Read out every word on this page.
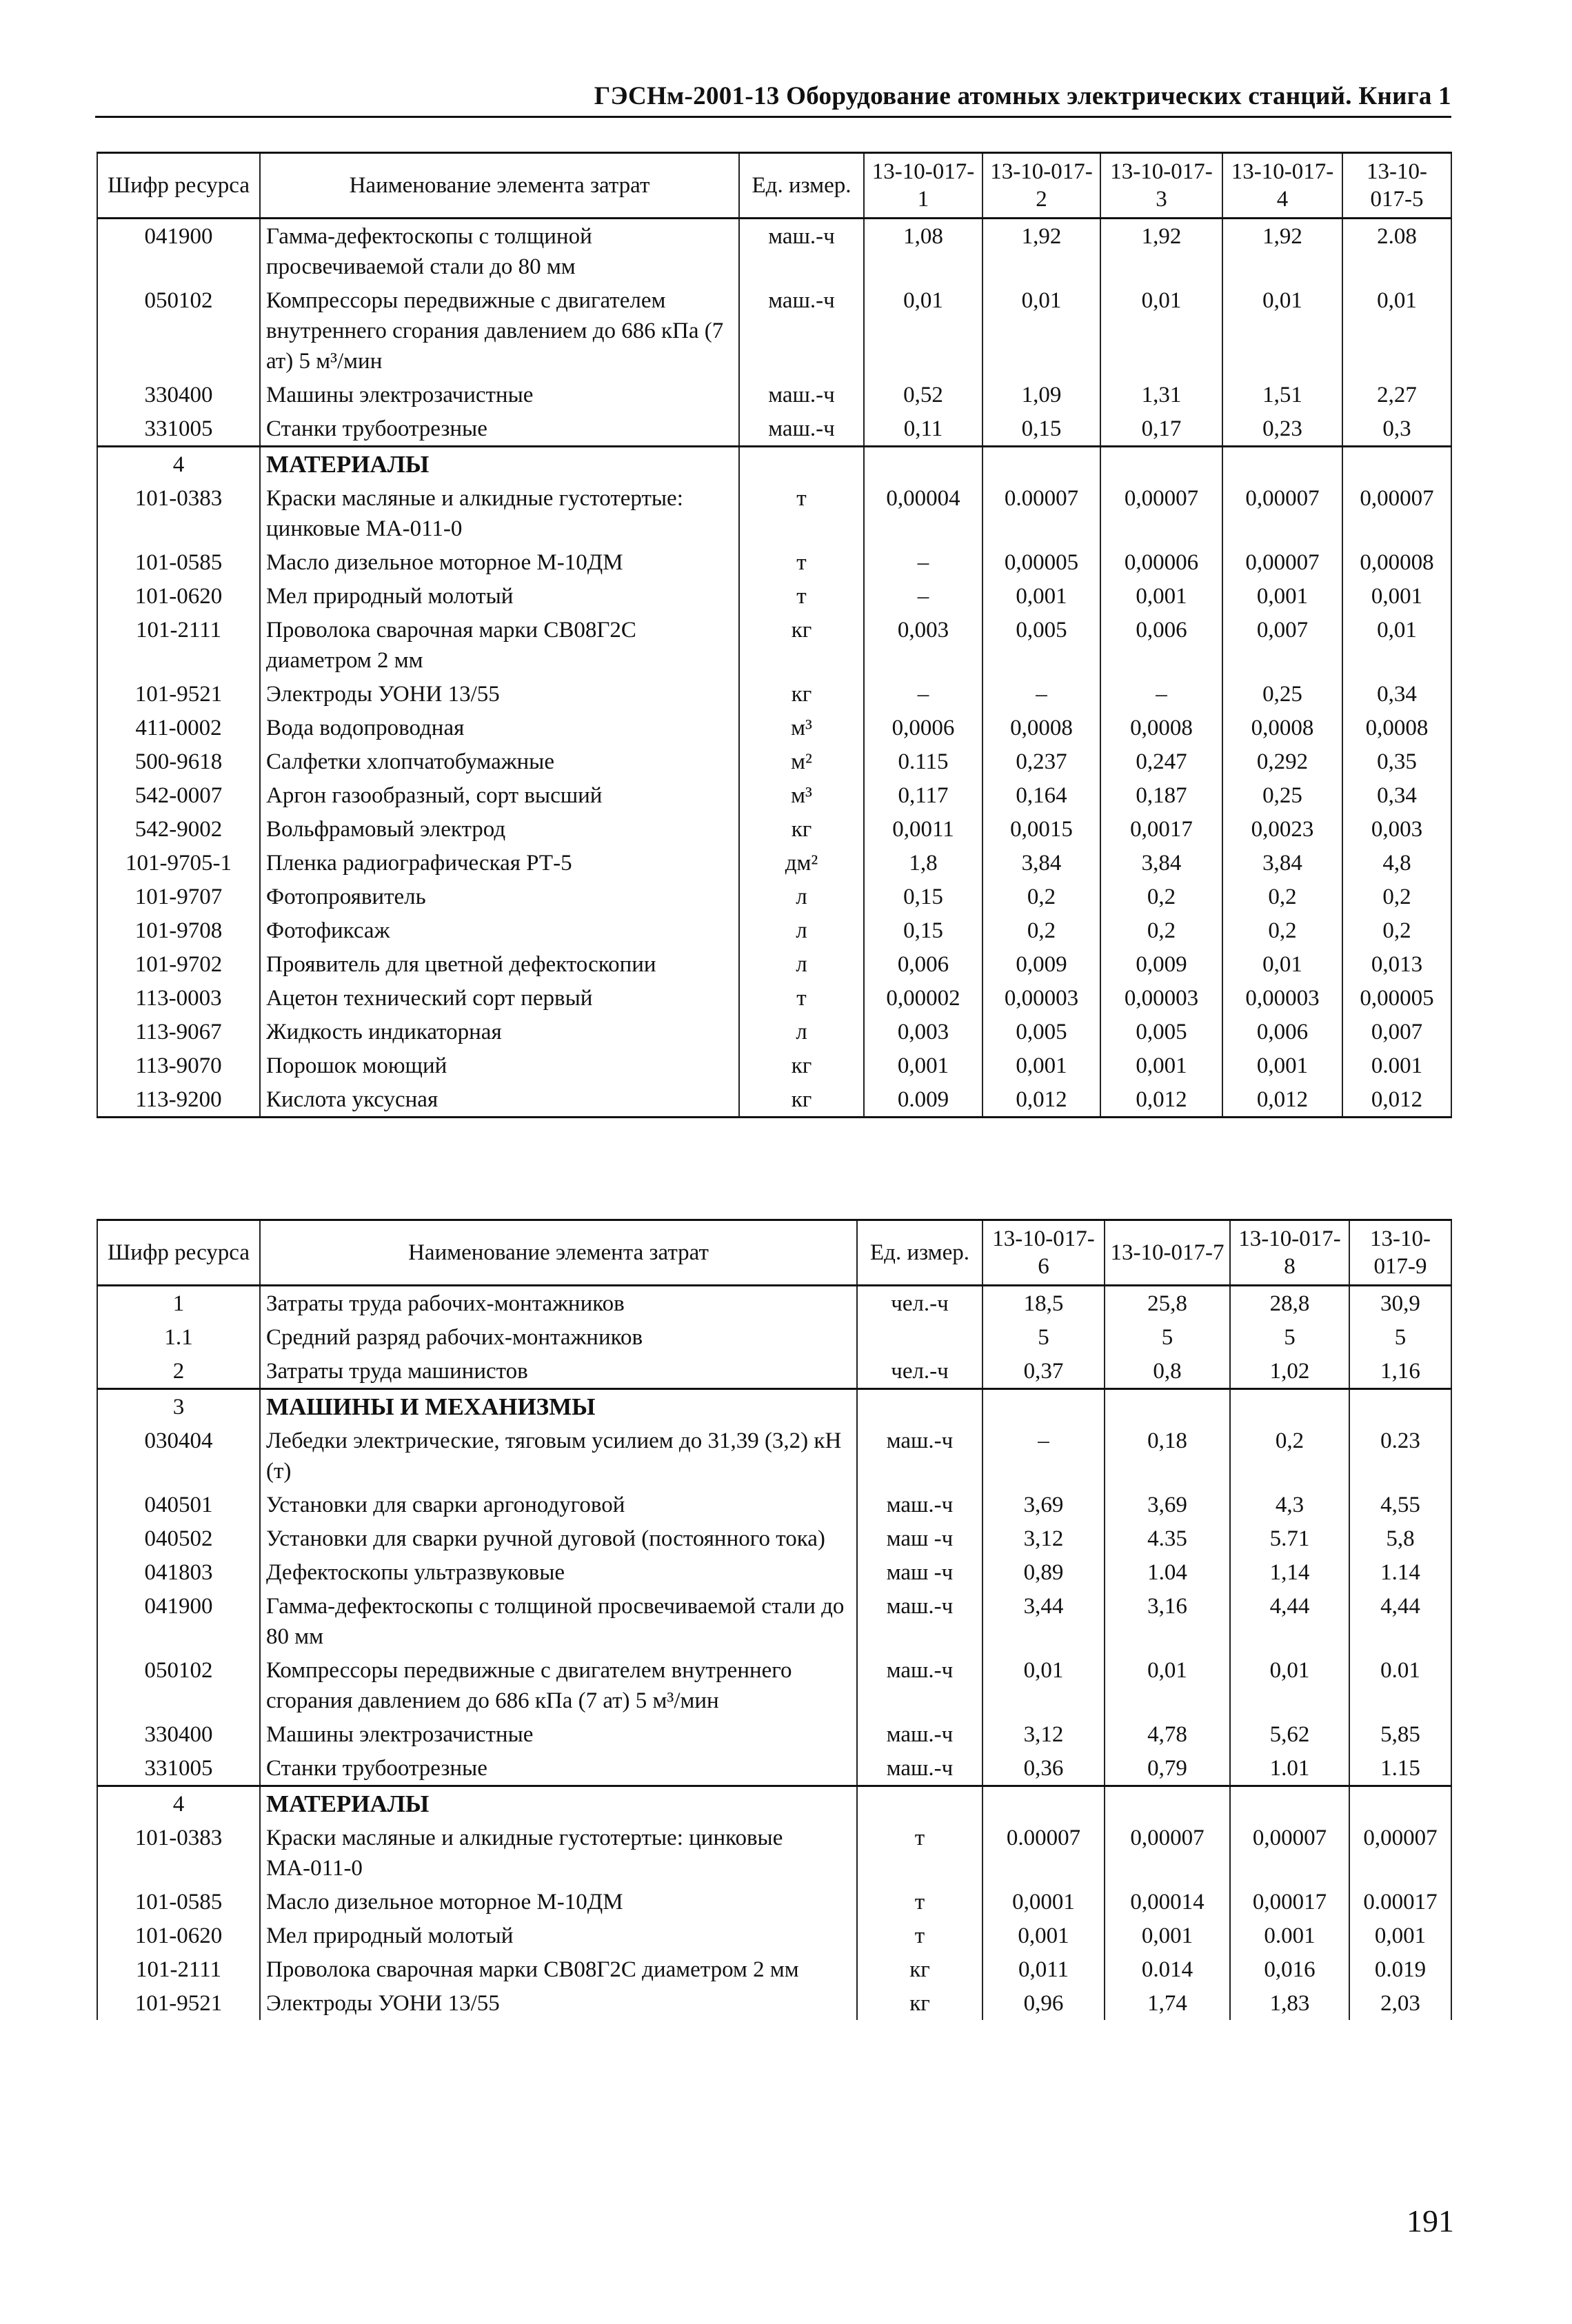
ГЭСНм-2001-13 Оборудование атомных электрических станций. Книга 1
Шифр ресурса	Наименование элемента затрат	Ед. измер.	13-10-017-1	13-10-017-2	13-10-017-3	13-10-017-4	13-10-017-5
041900	Гамма-дефектоскопы с толщиной просвечиваемой стали до 80 мм	маш.-ч	1,08	1,92	1,92	1,92	2.08
050102	Компрессоры передвижные с двигателем внутреннего сгорания давлением до 686 кПа (7 ат) 5 м³/мин	маш.-ч	0,01	0,01	0,01	0,01	0,01
330400	Машины электрозачистные	маш.-ч	0,52	1,09	1,31	1,51	2,27
331005	Станки трубоотрезные	маш.-ч	0,11	0,15	0,17	0,23	0,3
4	МАТЕРИАЛЫ						
101-0383	Краски масляные и алкидные густотертые: цинковые МА-011-0	т	0,00004	0.00007	0,00007	0,00007	0,00007
101-0585	Масло дизельное моторное М-10ДМ	т	–	0,00005	0,00006	0,00007	0,00008
101-0620	Мел природный молотый	т	–	0,001	0,001	0,001	0,001
101-2111	Проволока сварочная марки СВ08Г2С диаметром 2 мм	кг	0,003	0,005	0,006	0,007	0,01
101-9521	Электроды УОНИ 13/55	кг	–	–	–	0,25	0,34
411-0002	Вода водопроводная	м³	0,0006	0,0008	0,0008	0,0008	0,0008
500-9618	Салфетки хлопчатобумажные	м²	0.115	0,237	0,247	0,292	0,35
542-0007	Аргон газообразный, сорт высший	м³	0,117	0,164	0,187	0,25	0,34
542-9002	Вольфрамовый электрод	кг	0,0011	0,0015	0,0017	0,0023	0,003
101-9705-1	Пленка радиографическая РТ-5	дм²	1,8	3,84	3,84	3,84	4,8
101-9707	Фотопроявитель	л	0,15	0,2	0,2	0,2	0,2
101-9708	Фотофиксаж	л	0,15	0,2	0,2	0,2	0,2
101-9702	Проявитель для цветной дефектоскопии	л	0,006	0,009	0,009	0,01	0,013
113-0003	Ацетон технический сорт первый	т	0,00002	0,00003	0,00003	0,00003	0,00005
113-9067	Жидкость индикаторная	л	0,003	0,005	0,005	0,006	0,007
113-9070	Порошок моющий	кг	0,001	0,001	0,001	0,001	0.001
113-9200	Кислота уксусная	кг	0.009	0,012	0,012	0,012	0,012
Шифр ресурса	Наименование элемента затрат	Ед. измер.	13-10-017-6	13-10-017-7	13-10-017-8	13-10-017-9
1	Затраты труда рабочих-монтажников	чел.-ч	18,5	25,8	28,8	30,9
1.1	Средний разряд рабочих-монтажников		5	5	5	5
2	Затраты труда машинистов	чел.-ч	0,37	0,8	1,02	1,16
3	МАШИНЫ И МЕХАНИЗМЫ					
030404	Лебедки электрические, тяговым усилием до 31,39 (3,2) кН (т)	маш.-ч	–	0,18	0,2	0.23
040501	Установки для сварки аргонодуговой	маш.-ч	3,69	3,69	4,3	4,55
040502	Установки для сварки ручной дуговой (постоянного тока)	маш -ч	3,12	4.35	5.71	5,8
041803	Дефектоскопы ультразвуковые	маш -ч	0,89	1.04	1,14	1.14
041900	Гамма-дефектоскопы с толщиной просвечиваемой стали до 80 мм	маш.-ч	3,44	3,16	4,44	4,44
050102	Компрессоры передвижные с двигателем внутреннего сгорания давлением до 686 кПа (7 ат) 5 м³/мин	маш.-ч	0,01	0,01	0,01	0.01
330400	Машины электрозачистные	маш.-ч	3,12	4,78	5,62	5,85
331005	Станки трубоотрезные	маш.-ч	0,36	0,79	1.01	1.15
4	МАТЕРИАЛЫ					
101-0383	Краски масляные и алкидные густотертые: цинковые МА-011-0	т	0.00007	0,00007	0,00007	0,00007
101-0585	Масло дизельное моторное М-10ДМ	т	0,0001	0,00014	0,00017	0.00017
101-0620	Мел природный молотый	т	0,001	0,001	0.001	0,001
101-2111	Проволока сварочная марки СВ08Г2С диаметром 2 мм	кг	0,011	0.014	0,016	0.019
101-9521	Электроды УОНИ 13/55	кг	0,96	1,74	1,83	2,03
191
